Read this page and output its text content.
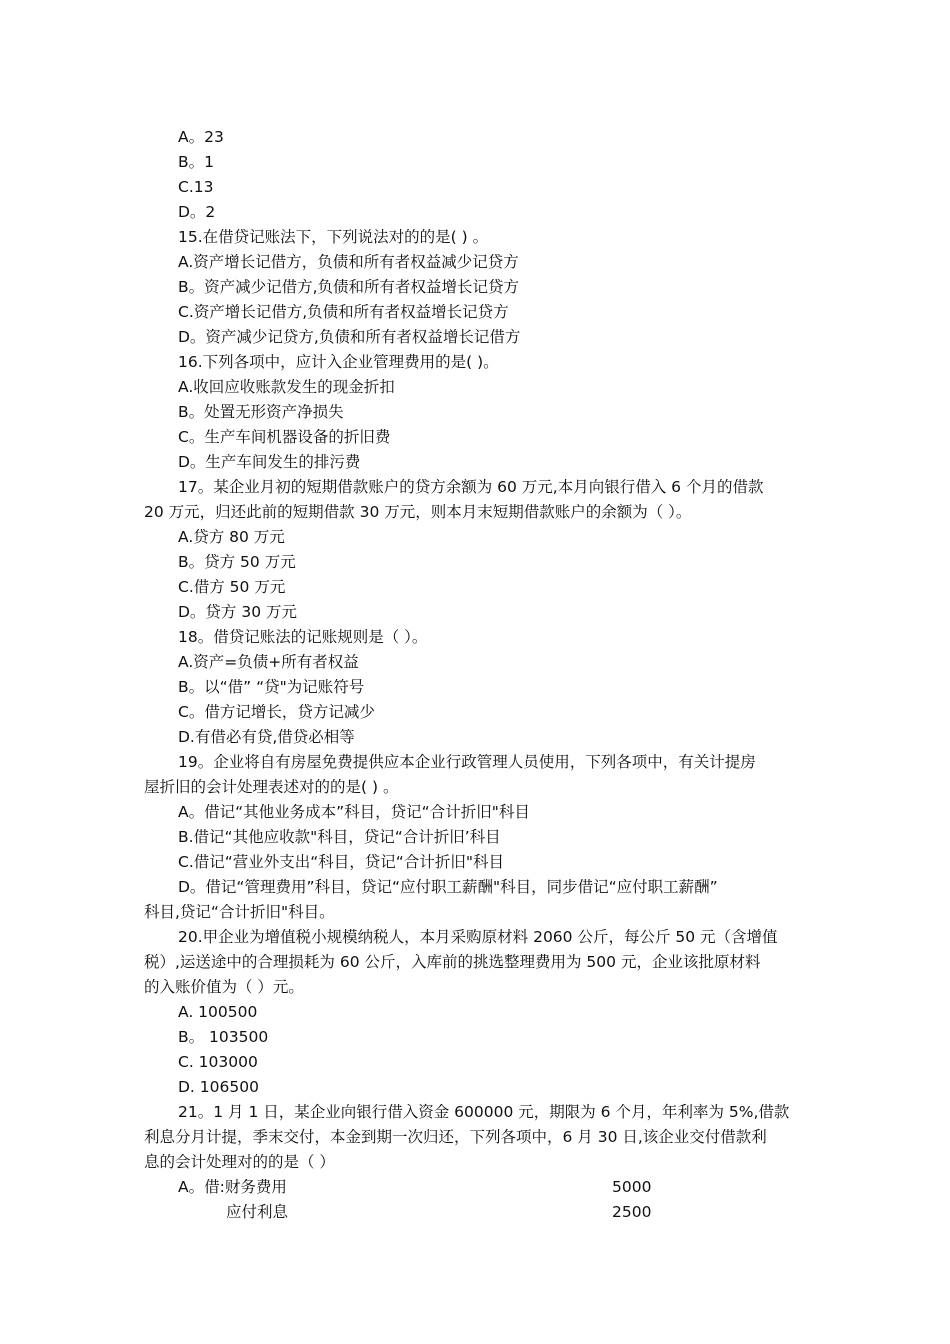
A。23
B。1
C.13
D。2
15.在借贷记账法下，下列说法对的的是( ) 。
A.资产增长记借方，负债和所有者权益减少记贷方
B。资产减少记借方,负债和所有者权益增长记贷方
C.资产增长记借方,负债和所有者权益增长记贷方
D。资产减少记贷方,负债和所有者权益增长记借方
16.下列各项中，应计入企业管理费用的是( )。
A.收回应收账款发生的现金折扣
B。处置无形资产净损失
C。生产车间机器设备的折旧费
D。生产车间发生的排污费
17。某企业月初的短期借款账户的贷方余额为 60 万元,本月向银行借入 6 个月的借款
20 万元，归还此前的短期借款 30 万元，则本月末短期借款账户的余额为（ ）。
A.贷方 80 万元
B。贷方 50 万元
C.借方 50 万元
D。贷方 30 万元
18。借贷记账法的记账规则是（ ）。
A.资产=负债+所有者权益
B。以“借” “贷"为记账符号
C。借方记增长，贷方记减少
D.有借必有贷,借贷必相等
19。企业将自有房屋免费提供应本企业行政管理人员使用，下列各项中，有关计提房
屋折旧的会计处理表述对的的是( ) 。
A。借记“其他业务成本”科目，贷记“合计折旧"科目
B.借记“其他应收款"科目，贷记“合计折旧’科目
C.借记“营业外支出“科目，贷记“合计折旧"科目
D。借记“管理费用”科目，贷记“应付职工薪酬"科目，同步借记“应付职工薪酬”
科目,贷记“合计折旧"科目。
20.甲企业为增值税小规模纳税人，本月采购原材料 2060 公斤，每公斤 50 元（含增值
税）,运送途中的合理损耗为 60 公斤，入库前的挑选整理费用为 500 元，企业该批原材料
的入账价值为（ ）元。
A. 100500
B。 103500
C. 103000
D. 106500
21。1 月 1 日，某企业向银行借入资金 600000 元，期限为 6 个月，年利率为 5%,借款
利息分月计提，季末交付，本金到期一次归还，下列各项中，6 月 30 日,该企业交付借款利
息的会计处理对的的是（ ）
A。借:财务费用	5000
应付利息	2500
